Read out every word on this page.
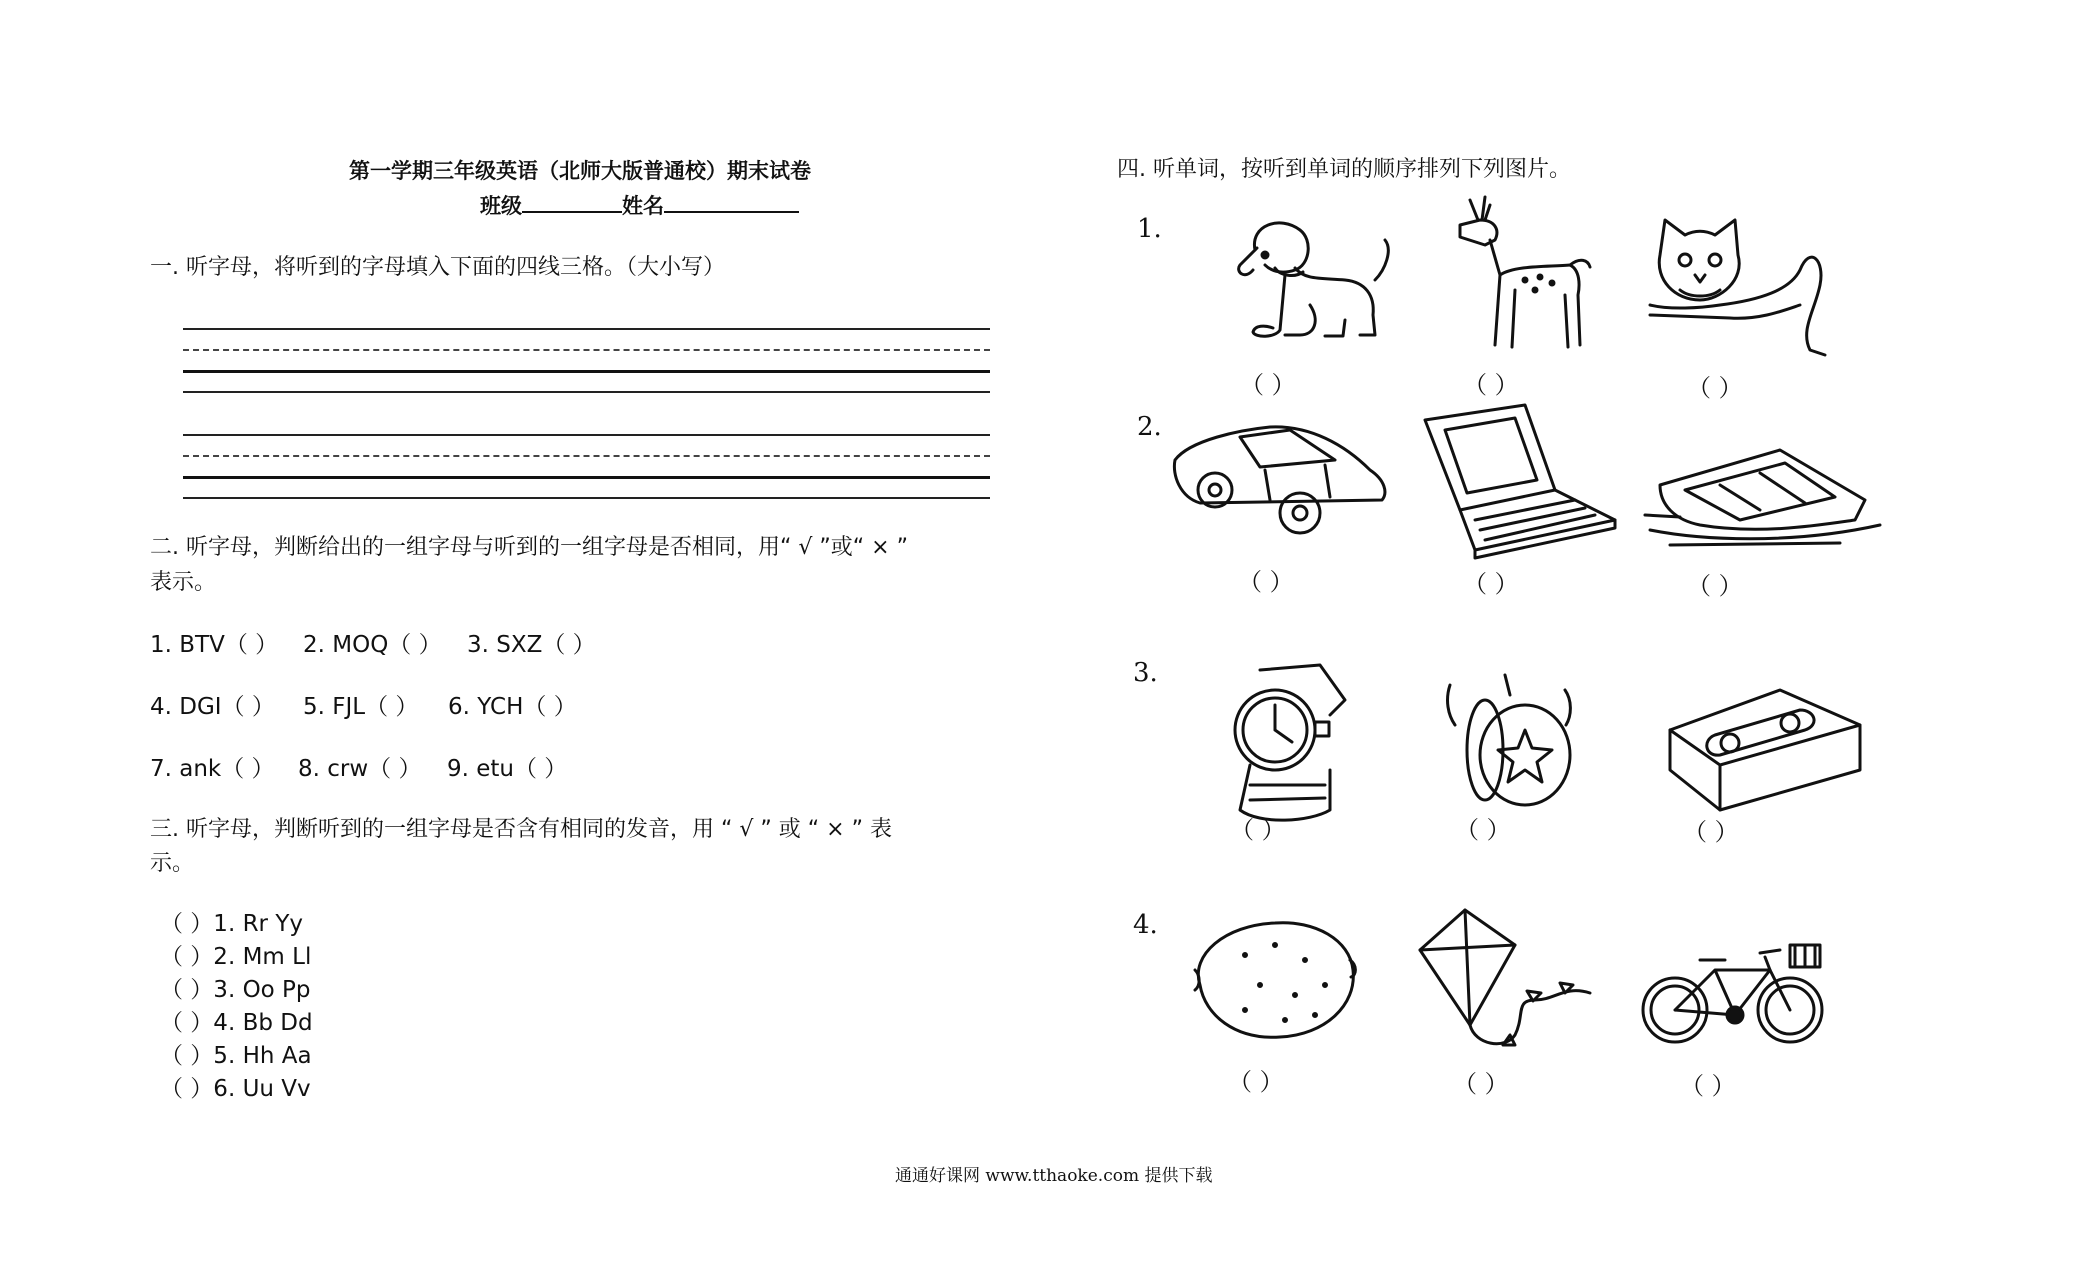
第一学期三年级英语（北师大版普通校）期末试卷
班级	姓名
一. 听字母，将听到的字母填入下面的四线三格。（大小写）
二. 听字母，判断给出的一组字母与听到的一组字母是否相同，用“ √ ”或“ × ”
表示。
1. BTV（ ） 2. MOQ（ ） 3. SXZ（ ）
4. DGI（ ） 5. FJL（ ） 6. YCH（ ）
7. ank（ ） 8. crw（ ） 9. etu（ ）
三. 听字母，判断听到的一组字母是否含有相同的发音，用 “ √ ” 或 “ × ” 表
示。
（ ）1. Rr Yy
（ ）2. Mm Ll
（ ）3. Oo Pp
（ ）4. Bb Dd
（ ）5. Hh Aa
（ ）6. Uu Vv
四. 听单词，按听到单词的顺序排列下列图片。
1.
2.
3.
4.
（ ）	（ ）	（ ）
（ ）	（ ）	（ ）
（ ）	（ ）	（ ）
（ ）	（ ）	（ ）
通通好课网 www.tthaoke.com 提供下载
